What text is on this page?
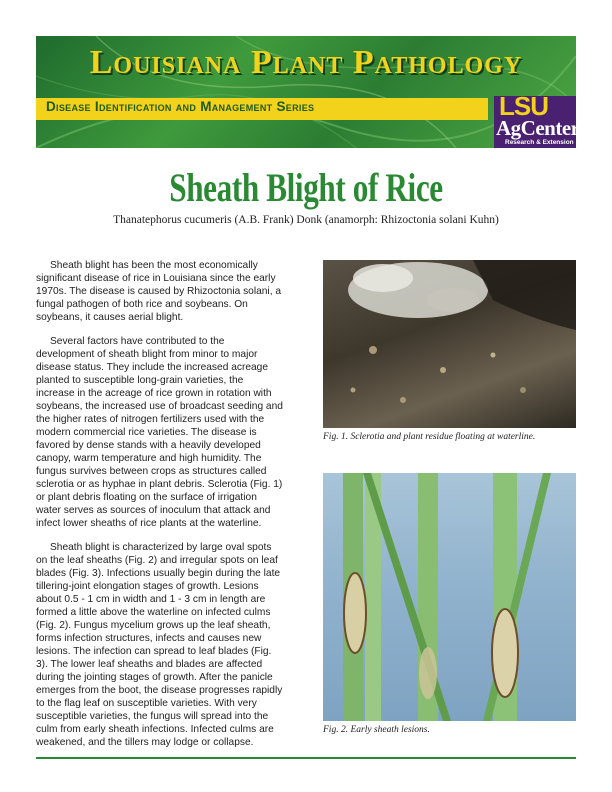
Louisiana Plant Pathology
Disease Identification and Management Series	LSU
AgCenter
Research & Extension
Sheath Blight of Rice
Thanatephorus cucumeris (A.B. Frank) Donk (anamorph: Rhizoctonia solani Kuhn)

Sheath blight has been the most economically significant disease of rice in Louisiana since the early 1970s. The disease is caused by Rhizoctonia solani, a fungal pathogen of both rice and soybeans. On soybeans, it causes aerial blight.

Several factors have contributed to the development of sheath blight from minor to major disease status. They include the increased acreage planted to susceptible long-grain varieties, the increase in the acreage of rice grown in rotation with soybeans, the increased use of broadcast seeding and the higher rates of nitrogen fertilizers used with the modern commercial rice varieties. The disease is favored by dense stands with a heavily developed canopy, warm temperature and high humidity. The fungus survives between crops as structures called sclerotia or as hyphae in plant debris. Sclerotia (Fig. 1) or plant debris floating on the surface of irrigation water serves as sources of inoculum that attack and infect lower sheaths of rice plants at the waterline.

Sheath blight is characterized by large oval spots on the leaf sheaths (Fig. 2) and irregular spots on leaf blades (Fig. 3). Infections usually begin during the late tillering-joint elongation stages of growth. Lesions about 0.5 - 1 cm in width and 1 - 3 cm in length are formed a little above the waterline on infected culms (Fig. 2). Fungus mycelium grows up the leaf sheath, forms infection structures, infects and causes new lesions. The infection can spread to leaf blades (Fig. 3). The lower leaf sheaths and blades are affected during the jointing stages of growth. After the panicle emerges from the boot, the disease progresses rapidly to the flag leaf on susceptible varieties. With very susceptible varieties, the fungus will spread into the culm from early sheath infections. Infected culms are weakened, and the tillers may lodge or collapse.

Fig. 1. Sclerotia and plant residue floating at waterline.
Fig. 2. Early sheath lesions.
